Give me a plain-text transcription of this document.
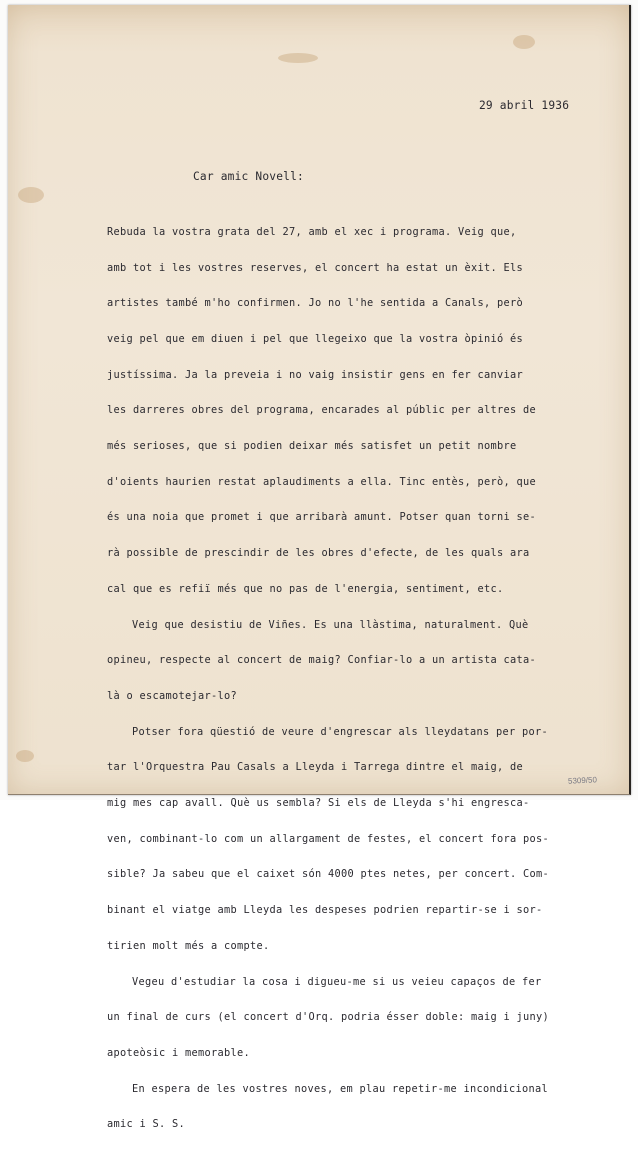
29 abril 1936
Car amic Novell:

Rebuda la vostra grata del 27, amb el xec i programa. Veig que,

amb tot i les vostres reserves, el concert ha estat un èxit. Els

artistes també m'ho confirmen. Jo no l'he sentida a Canals, però

veig pel que em diuen i pel que llegeixo que la vostra òpinió és

justíssima. Ja la preveia i no vaig insistir gens en fer canviar

les darreres obres del programa, encarades al públic per altres de

més serioses, que si podien deixar més satisfet un petit nombre

d'oients haurien restat aplaudiments a ella. Tinc entès, però, que

és una noia que promet i que arribarà amunt. Potser quan torni se-

rà possible de prescindir de les obres d'efecte, de les quals ara

cal que es refiï més que no pas de l'energia, sentiment, etc.

Veig que desistiu de Viñes. Es una llàstima, naturalment. Què

opineu, respecte al concert de maig? Confiar-lo a un artista cata-

là o escamotejar-lo?

Potser fora qüestió de veure d'engrescar als lleydatans per por-

tar l'Orquestra Pau Casals a Lleyda i Tarrega dintre el maig, de

mig mes cap avall. Què us sembla? Si els de Lleyda s'hi engresca-

ven, combinant-lo com un allargament de festes, el concert fora pos-

sible? Ja sabeu que el caixet són 4000 ptes netes, per concert. Com-

binant el viatge amb Lleyda les despeses podrien repartir-se i sor-

tirien molt més a compte.

Vegeu d'estudiar la cosa i digueu-me si us veieu capaços de fer

un final de curs (el concert d'Orq. podria ésser doble: maig i juny)

apoteòsic i memorable.

En espera de les vostres noves, em plau repetir-me incondicional

amic i S. S.

5309/50
